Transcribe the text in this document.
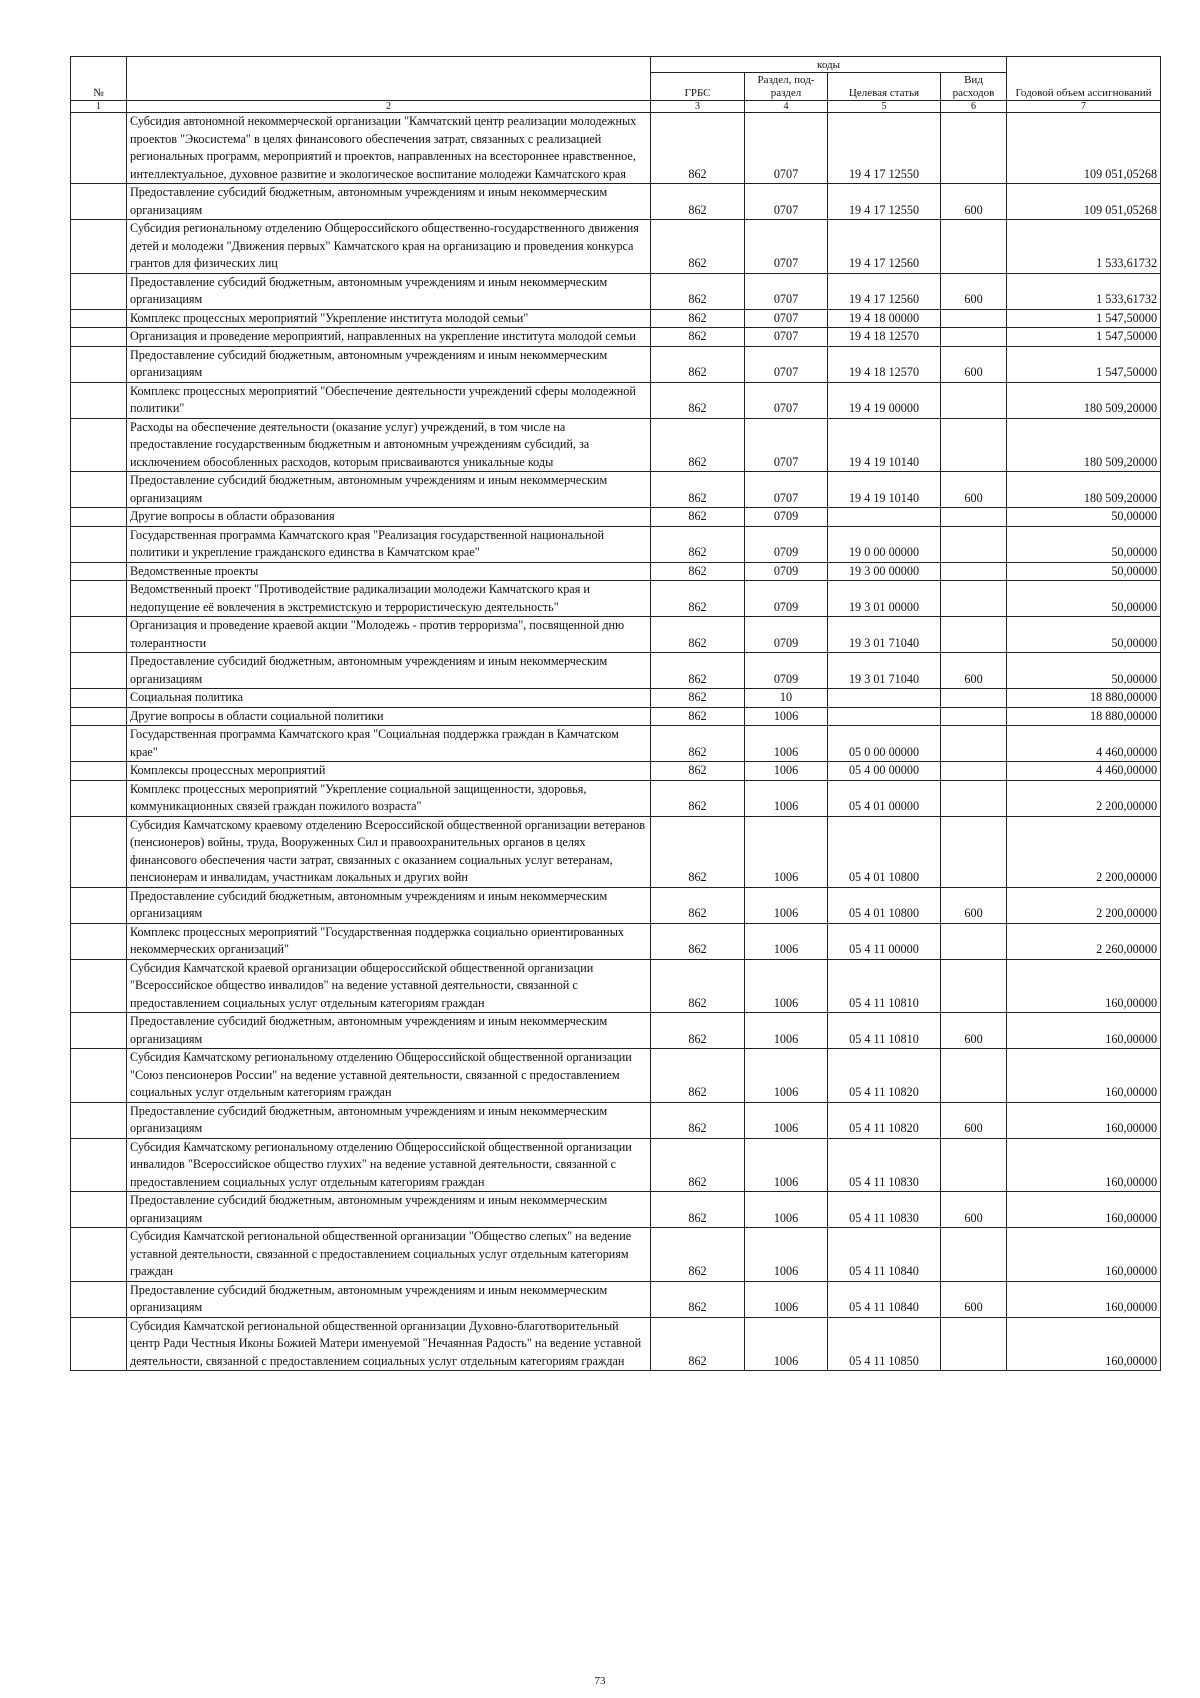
№		коды				Годовой объем ассигнований
		ГРБС	Раздел, под-раздел	Целевая статья	Вид расходов	
1	2	3	4	5	6	7
	Субсидия автономной некоммерческой организации "Камчатский центр реализации молодежных проектов "Экосистема" в целях финансового обеспечения затрат, связанных с реализацией региональных программ, мероприятий и проектов, направленных на всестороннее нравственное, интеллектуальное, духовное развитие и экологическое воспитание молодежи Камчатского края	862	0707	19 4 17 12550		109 051,05268
	Предоставление субсидий бюджетным, автономным учреждениям и иным некоммерческим организациям	862	0707	19 4 17 12550	600	109 051,05268
	Субсидия региональному отделению Общероссийского общественно-государственного движения детей и молодежи "Движения первых" Камчатского края на организацию и проведения конкурса грантов для физических лиц	862	0707	19 4 17 12560		1 533,61732
	Предоставление субсидий бюджетным, автономным учреждениям и иным некоммерческим организациям	862	0707	19 4 17 12560	600	1 533,61732
	Комплекс процессных мероприятий "Укрепление института молодой семьи"	862	0707	19 4 18 00000		1 547,50000
	Организация и проведение мероприятий, направленных на укрепление института молодой семьи	862	0707	19 4 18 12570		1 547,50000
	Предоставление субсидий бюджетным, автономным учреждениям и иным некоммерческим организациям	862	0707	19 4 18 12570	600	1 547,50000
	Комплекс процессных мероприятий "Обеспечение деятельности учреждений сферы молодежной политики"	862	0707	19 4 19 00000		180 509,20000
	Расходы на обеспечение деятельности (оказание услуг) учреждений, в том числе на предоставление государственным бюджетным и автономным учреждениям субсидий, за исключением обособленных расходов, которым присваиваются уникальные коды	862	0707	19 4 19 10140		180 509,20000
	Предоставление субсидий бюджетным, автономным учреждениям и иным некоммерческим организациям	862	0707	19 4 19 10140	600	180 509,20000
	Другие вопросы в области образования	862	0709			50,00000
	Государственная программа Камчатского края "Реализация государственной национальной политики и укрепление гражданского единства в Камчатском крае"	862	0709	19 0 00 00000		50,00000
	Ведомственные проекты	862	0709	19 3 00 00000		50,00000
	Ведомственный проект "Противодействие радикализации молодежи Камчатского края и недопущение её вовлечения в экстремистскую и террористическую деятельность"	862	0709	19 3 01 00000		50,00000
	Организация и проведение краевой акции "Молодежь - против терроризма", посвященной дню толерантности	862	0709	19 3 01 71040		50,00000
	Предоставление субсидий бюджетным, автономным учреждениям и иным некоммерческим организациям	862	0709	19 3 01 71040	600	50,00000
	Социальная политика	862	10			18 880,00000
	Другие вопросы в области социальной политики	862	1006			18 880,00000
	Государственная программа Камчатского края "Социальная поддержка граждан в Камчатском крае"	862	1006	05 0 00 00000		4 460,00000
	Комплексы процессных мероприятий	862	1006	05 4 00 00000		4 460,00000
	Комплекс процессных мероприятий "Укрепление социальной защищенности, здоровья, коммуникационных связей граждан пожилого возраста"	862	1006	05 4 01 00000		2 200,00000
	Субсидия Камчатскому краевому отделению Всероссийской общественной организации ветеранов (пенсионеров) войны, труда, Вооруженных Сил и правоохранительных органов в целях финансового обеспечения части затрат, связанных с оказанием социальных услуг ветеранам, пенсионерам и инвалидам, участникам локальных и других войн	862	1006	05 4 01 10800		2 200,00000
	Предоставление субсидий бюджетным, автономным учреждениям и иным некоммерческим организациям	862	1006	05 4 01 10800	600	2 200,00000
	Комплекс процессных мероприятий "Государственная поддержка социально ориентированных некоммерческих организаций"	862	1006	05 4 11 00000		2 260,00000
	Субсидия Камчатской краевой организации общероссийской общественной организации "Всероссийское общество инвалидов" на ведение уставной деятельности, связанной с предоставлением социальных услуг отдельным категориям граждан	862	1006	05 4 11 10810		160,00000
	Предоставление субсидий бюджетным, автономным учреждениям и иным некоммерческим организациям	862	1006	05 4 11 10810	600	160,00000
	Субсидия Камчатскому региональному отделению Общероссийской общественной организации "Союз пенсионеров России" на ведение уставной деятельности, связанной с предоставлением социальных услуг отдельным категориям граждан	862	1006	05 4 11 10820		160,00000
	Предоставление субсидий бюджетным, автономным учреждениям и иным некоммерческим организациям	862	1006	05 4 11 10820	600	160,00000
	Субсидия Камчатскому региональному отделению Общероссийской общественной организации инвалидов "Всероссийское общество глухих" на ведение уставной деятельности, связанной с предоставлением социальных услуг отдельным категориям граждан	862	1006	05 4 11 10830		160,00000
	Предоставление субсидий бюджетным, автономным учреждениям и иным некоммерческим организациям	862	1006	05 4 11 10830	600	160,00000
	Субсидия Камчатской региональной общественной организации "Общество слепых" на ведение уставной деятельности, связанной с предоставлением социальных услуг отдельным категориям граждан	862	1006	05 4 11 10840		160,00000
	Предоставление субсидий бюджетным, автономным учреждениям и иным некоммерческим организациям	862	1006	05 4 11 10840	600	160,00000
	Субсидия Камчатской региональной общественной организации Духовно-благотворительный центр Ради Честныя Иконы Божией Матери именуемой "Нечаянная Радость" на ведение уставной деятельности, связанной с предоставлением социальных услуг отдельным категориям граждан	862	1006	05 4 11 10850		160,00000
73
